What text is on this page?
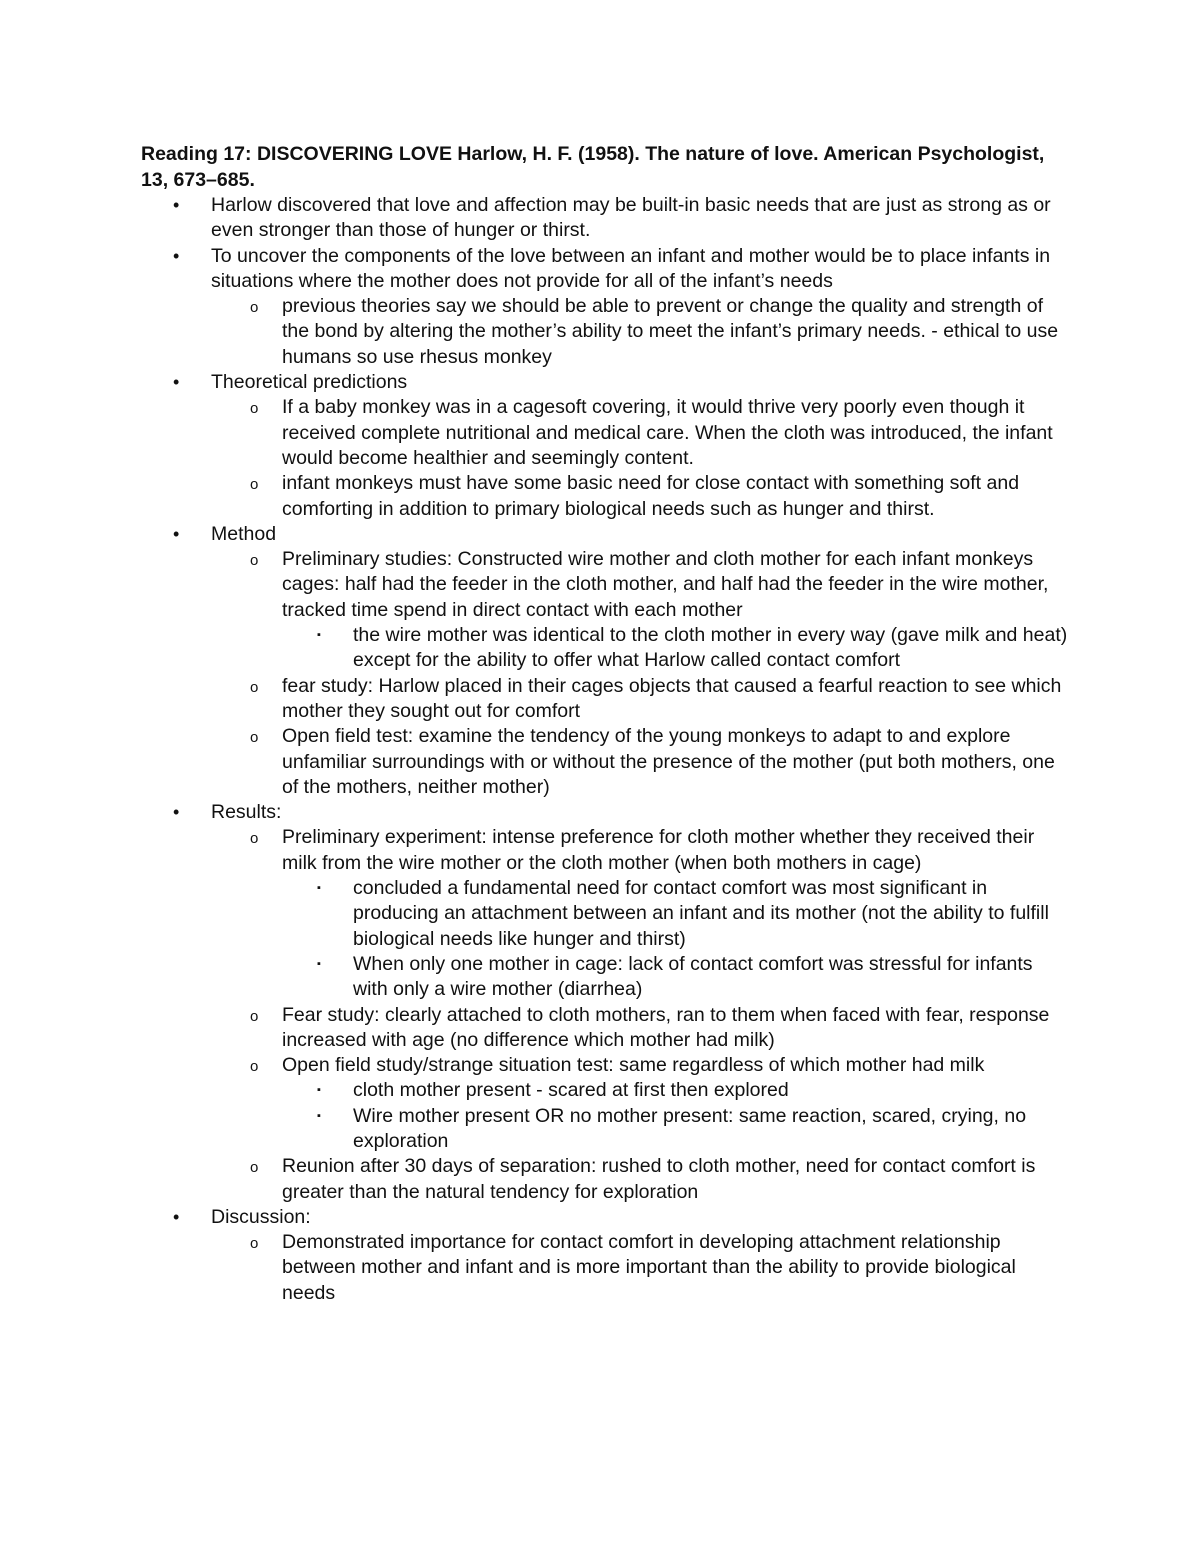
Reading 17: DISCOVERING LOVE Harlow, H. F. (1958). The nature of love. American Psychologist, 13, 673–685.

• Harlow discovered that love and affection may be built-in basic needs that are just as strong as or even stronger than those of hunger or thirst.
• To uncover the components of the love between an infant and mother would be to place infants in situations where the mother does not provide for all of the infant’s needs
o previous theories say we should be able to prevent or change the quality and strength of the bond by altering the mother’s ability to meet the infant’s primary needs. - ethical to use humans so use rhesus monkey
• Theoretical predictions
o If a baby monkey was in a cagesoft covering, it would thrive very poorly even though it received complete nutritional and medical care. When the cloth was introduced, the infant would become healthier and seemingly content.
o infant monkeys must have some basic need for close contact with something soft and comforting in addition to primary biological needs such as hunger and thirst.
• Method
o Preliminary studies: Constructed wire mother and cloth mother for each infant monkeys cages: half had the feeder in the cloth mother, and half had the feeder in the wire mother, tracked time spend in direct contact with each mother
▪ the wire mother was identical to the cloth mother in every way (gave milk and heat) except for the ability to offer what Harlow called contact comfort
o fear study: Harlow placed in their cages objects that caused a fearful reaction to see which mother they sought out for comfort
o Open field test: examine the tendency of the young monkeys to adapt to and explore unfamiliar surroundings with or without the presence of the mother (put both mothers, one of the mothers, neither mother)
• Results:
o Preliminary experiment: intense preference for cloth mother whether they received their milk from the wire mother or the cloth mother (when both mothers in cage)
▪ concluded a fundamental need for contact comfort was most significant in producing an attachment between an infant and its mother (not the ability to fulfill biological needs like hunger and thirst)
▪ When only one mother in cage: lack of contact comfort was stressful for infants with only a wire mother (diarrhea)
o Fear study: clearly attached to cloth mothers, ran to them when faced with fear, response increased with age (no difference which mother had milk)
o Open field study/strange situation test: same regardless of which mother had milk
▪ cloth mother present - scared at first then explored
▪ Wire mother present OR no mother present: same reaction, scared, crying, no exploration
o Reunion after 30 days of separation: rushed to cloth mother, need for contact comfort is greater than the natural tendency for exploration
• Discussion:
o Demonstrated importance for contact comfort in developing attachment relationship between mother and infant and is more important than the ability to provide biological needs
